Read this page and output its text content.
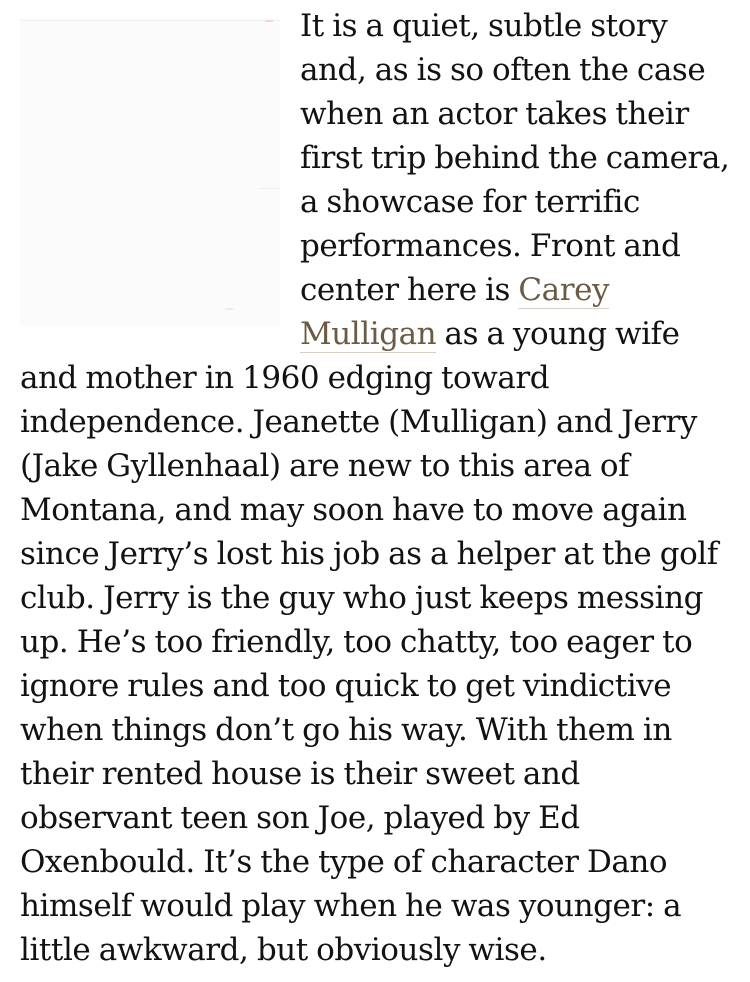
It is a quiet, subtle story and, as is so often the case when an actor takes their first trip behind the camera, a showcase for terrific performances. Front and center here is Carey Mulligan as a young wife and mother in 1960 edging toward independence. Jeanette (Mulligan) and Jerry (Jake Gyllenhaal) are new to this area of Montana, and may soon have to move again since Jerry’s lost his job as a helper at the golf club. Jerry is the guy who just keeps messing up. He’s too friendly, too chatty, too eager to ignore rules and too quick to get vindictive when things don’t go his way. With them in their rented house is their sweet and observant teen son Joe, played by Ed Oxenbould. It’s the type of character Dano himself would play when he was younger: a little awkward, but obviously wise.
